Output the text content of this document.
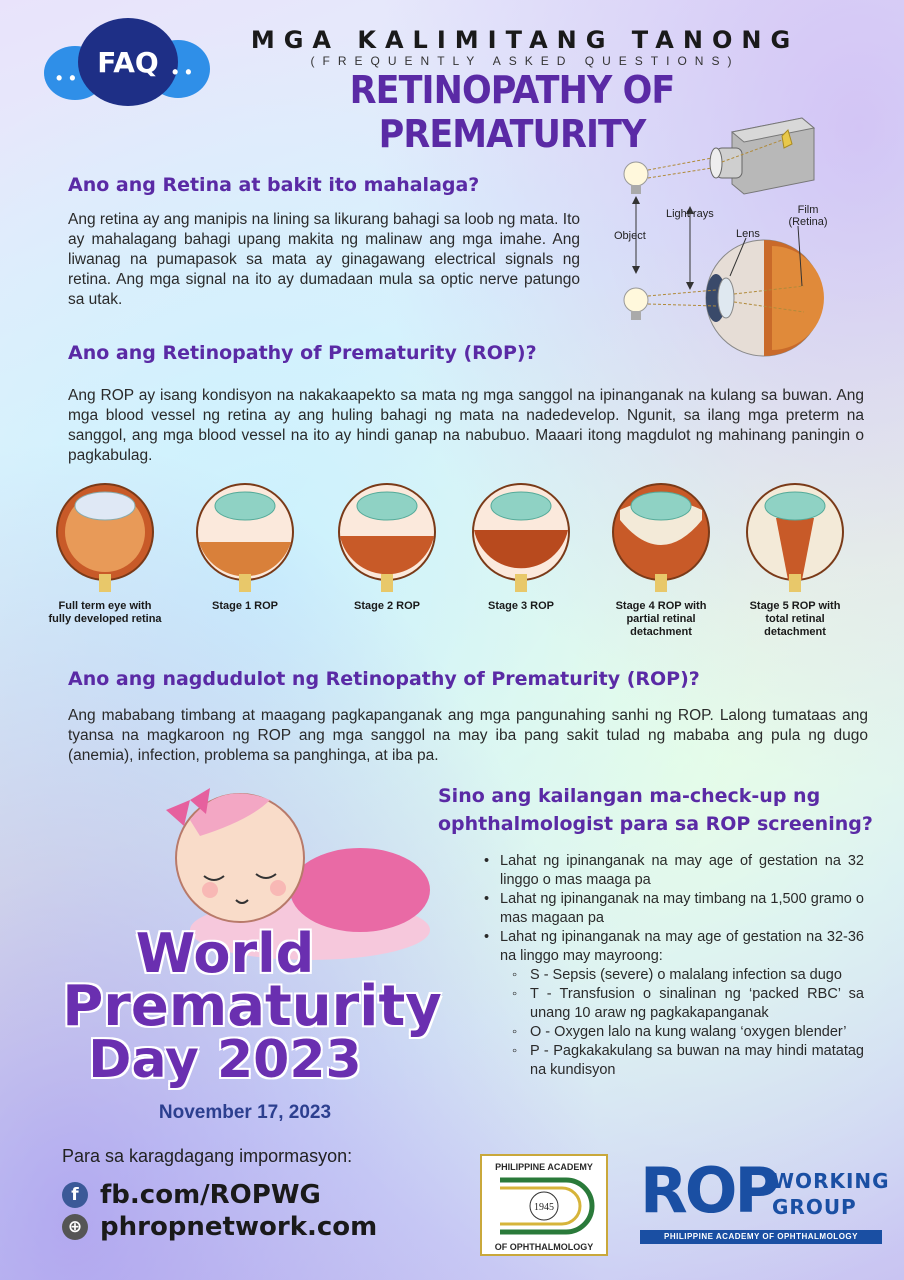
• •	• •
FAQ
MGA KALIMITANG TANONG
(FREQUENTLY ASKED QUESTIONS)
RETINOPATHY OF PREMATURITY
Ano ang Retina at bakit ito mahalaga?

Ang retina ay ang manipis na lining sa likurang bahagi sa loob ng mata. Ito ay mahalagang bahagi upang makita ng malinaw ang mga imahe. Ang liwanag na pumapasok sa mata ay ginagawang electrical signals ng retina. Ang mga signal na ito ay dumadaan mula sa optic nerve patungo sa utak.

Object
Light rays
Lens
Film
(Retina)
Ano ang Retinopathy of Prematurity (ROP)?

Ang ROP ay isang kondisyon na nakakaapekto sa mata ng mga sanggol na ipinanganak na kulang sa buwan. Ang mga blood vessel ng retina ay ang huling bahagi ng mata na nadedevelop. Ngunit, sa ilang mga preterm na sanggol, ang mga blood vessel na ito ay hindi ganap na nabubuo. Maaari itong magdulot ng mahinang paningin o pagkabulag.

Full term eye with
fully developed retina
Stage 1 ROP	Stage 2 ROP	Stage 3 ROP	Stage 4 ROP with
partial retinal
detachment
Stage 5 ROP with
total retinal
detachment
Ano ang nagdudulot ng Retinopathy of Prematurity (ROP)?

Ang mababang timbang at maagang pagkapanganak ang mga pangunahing sanhi ng ROP. Lalong tumataas ang tyansa na magkaroon ng ROP ang mga sanggol na may iba pang sakit tulad ng mababa ang pula ng dugo (anemia), infection, problema sa panghinga, at iba pa.

World
Prematurity
Day 2023
November 17, 2023
Para sa karagdagang impormasyon:
f fb.com/ROPWG
⊕ phropnetwork.com
Sino ang kailangan ma-check-up ng
ophthalmologist para sa ROP screening?
• Lahat ng ipinanganak na may age of gestation na 32 linggo o mas maaga pa
• Lahat ng ipinanganak na may timbang na 1,500 gramo o mas magaan pa
• Lahat ng ipinanganak na may age of gestation na 32-36 na linggo may mayroong:
◦ S - Sepsis (severe) o malalang infection sa dugo
◦ T - Transfusion o sinalinan ng ‘packed RBC’ sa unang 10 araw ng pagkakapanganak
◦ O - Oxygen lalo na kung walang ‘oxygen blender’
◦ P - Pagkakakulang sa buwan na may hindi matatag na kundisyon
PHILIPPINE ACADEMY
1945
OF OPHTHALMOLOGY
ROP
WORKING
GROUP
PHILIPPINE ACADEMY OF OPHTHALMOLOGY
